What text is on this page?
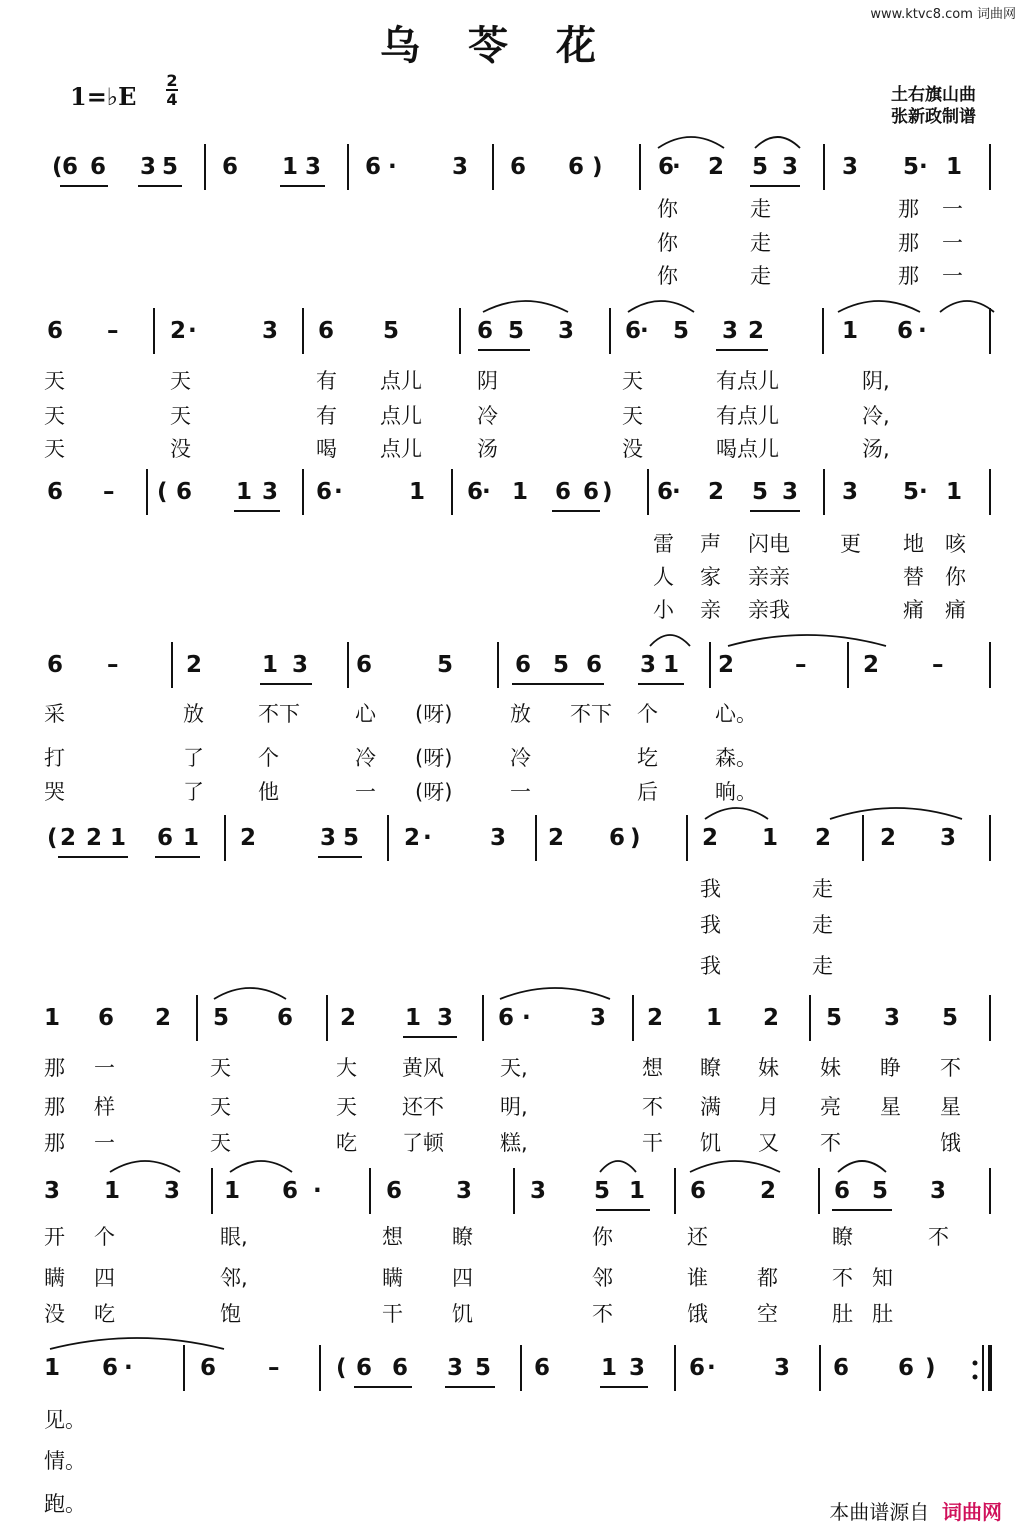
www.ktvc8.com 词曲网
乌苓花
1=♭E
2
4	土右旗山曲
张新政制谱
( 6 6 3 5 6 1 3 6 · 3 6 6 ) 6
· 2 5 3 3 5 · 1
6 – 2 ·	3 6 5	6 5 3 6
· 5 3 2	1 6 ·
6 – ( 6 1 3 6 ·	1 6
· 1 6 6 ) 6
· 2 5 3 3 5 · 1
6 –	2	1 3 6	5	6 5 6 3 1 2	– 2 –
( 2 2 1 6 1 2	3 5 2 ·	3 2 6 )	2 1 2 2 3
1 6 2 5 6 2 1 3 6 ·	3 2 1 2 5 3 5
3 1 3 1 6 ·	6 3	3 5 1 6 2	6 5 3
1 6 ·	6 – ( 6 6 3 5 6 1 3 6 ·	3 6 6 )
你	走	那 一
你	走	那 一
你	走	那 一
天	天	有 点儿	阴	天	有点儿	阴,
天	天	有 点儿	冷	天	有点儿	冷,
天	没	喝 点儿	汤	没	喝点儿	汤,
雷 声 闪电 更 地 咳
人 家 亲亲	替 你
小 亲 亲我	痛 痛
采	放	不下	心 (呀)	放 不下 个	心。
打	了	个	冷 (呀)	冷	圪	森。
哭	了	他	一 (呀)	一	后	晌。
我	走
我	走
我	走
那 一	天	大 黄风	天,	想 瞭 妹 妹 睁 不
那 样	天	天 还不	明,	不 满 月 亮 星 星
那 一	天	吃 了顿	糕,	干 饥 又 不	饿
开 个	眼,	想 瞭	你	还	瞭	不
瞒 四	邻,	瞒 四	邻	谁 都	不 知
没 吃	饱	干 饥	不	饿 空	肚 肚
见。
情。
跑。	本曲谱源自 词曲网
